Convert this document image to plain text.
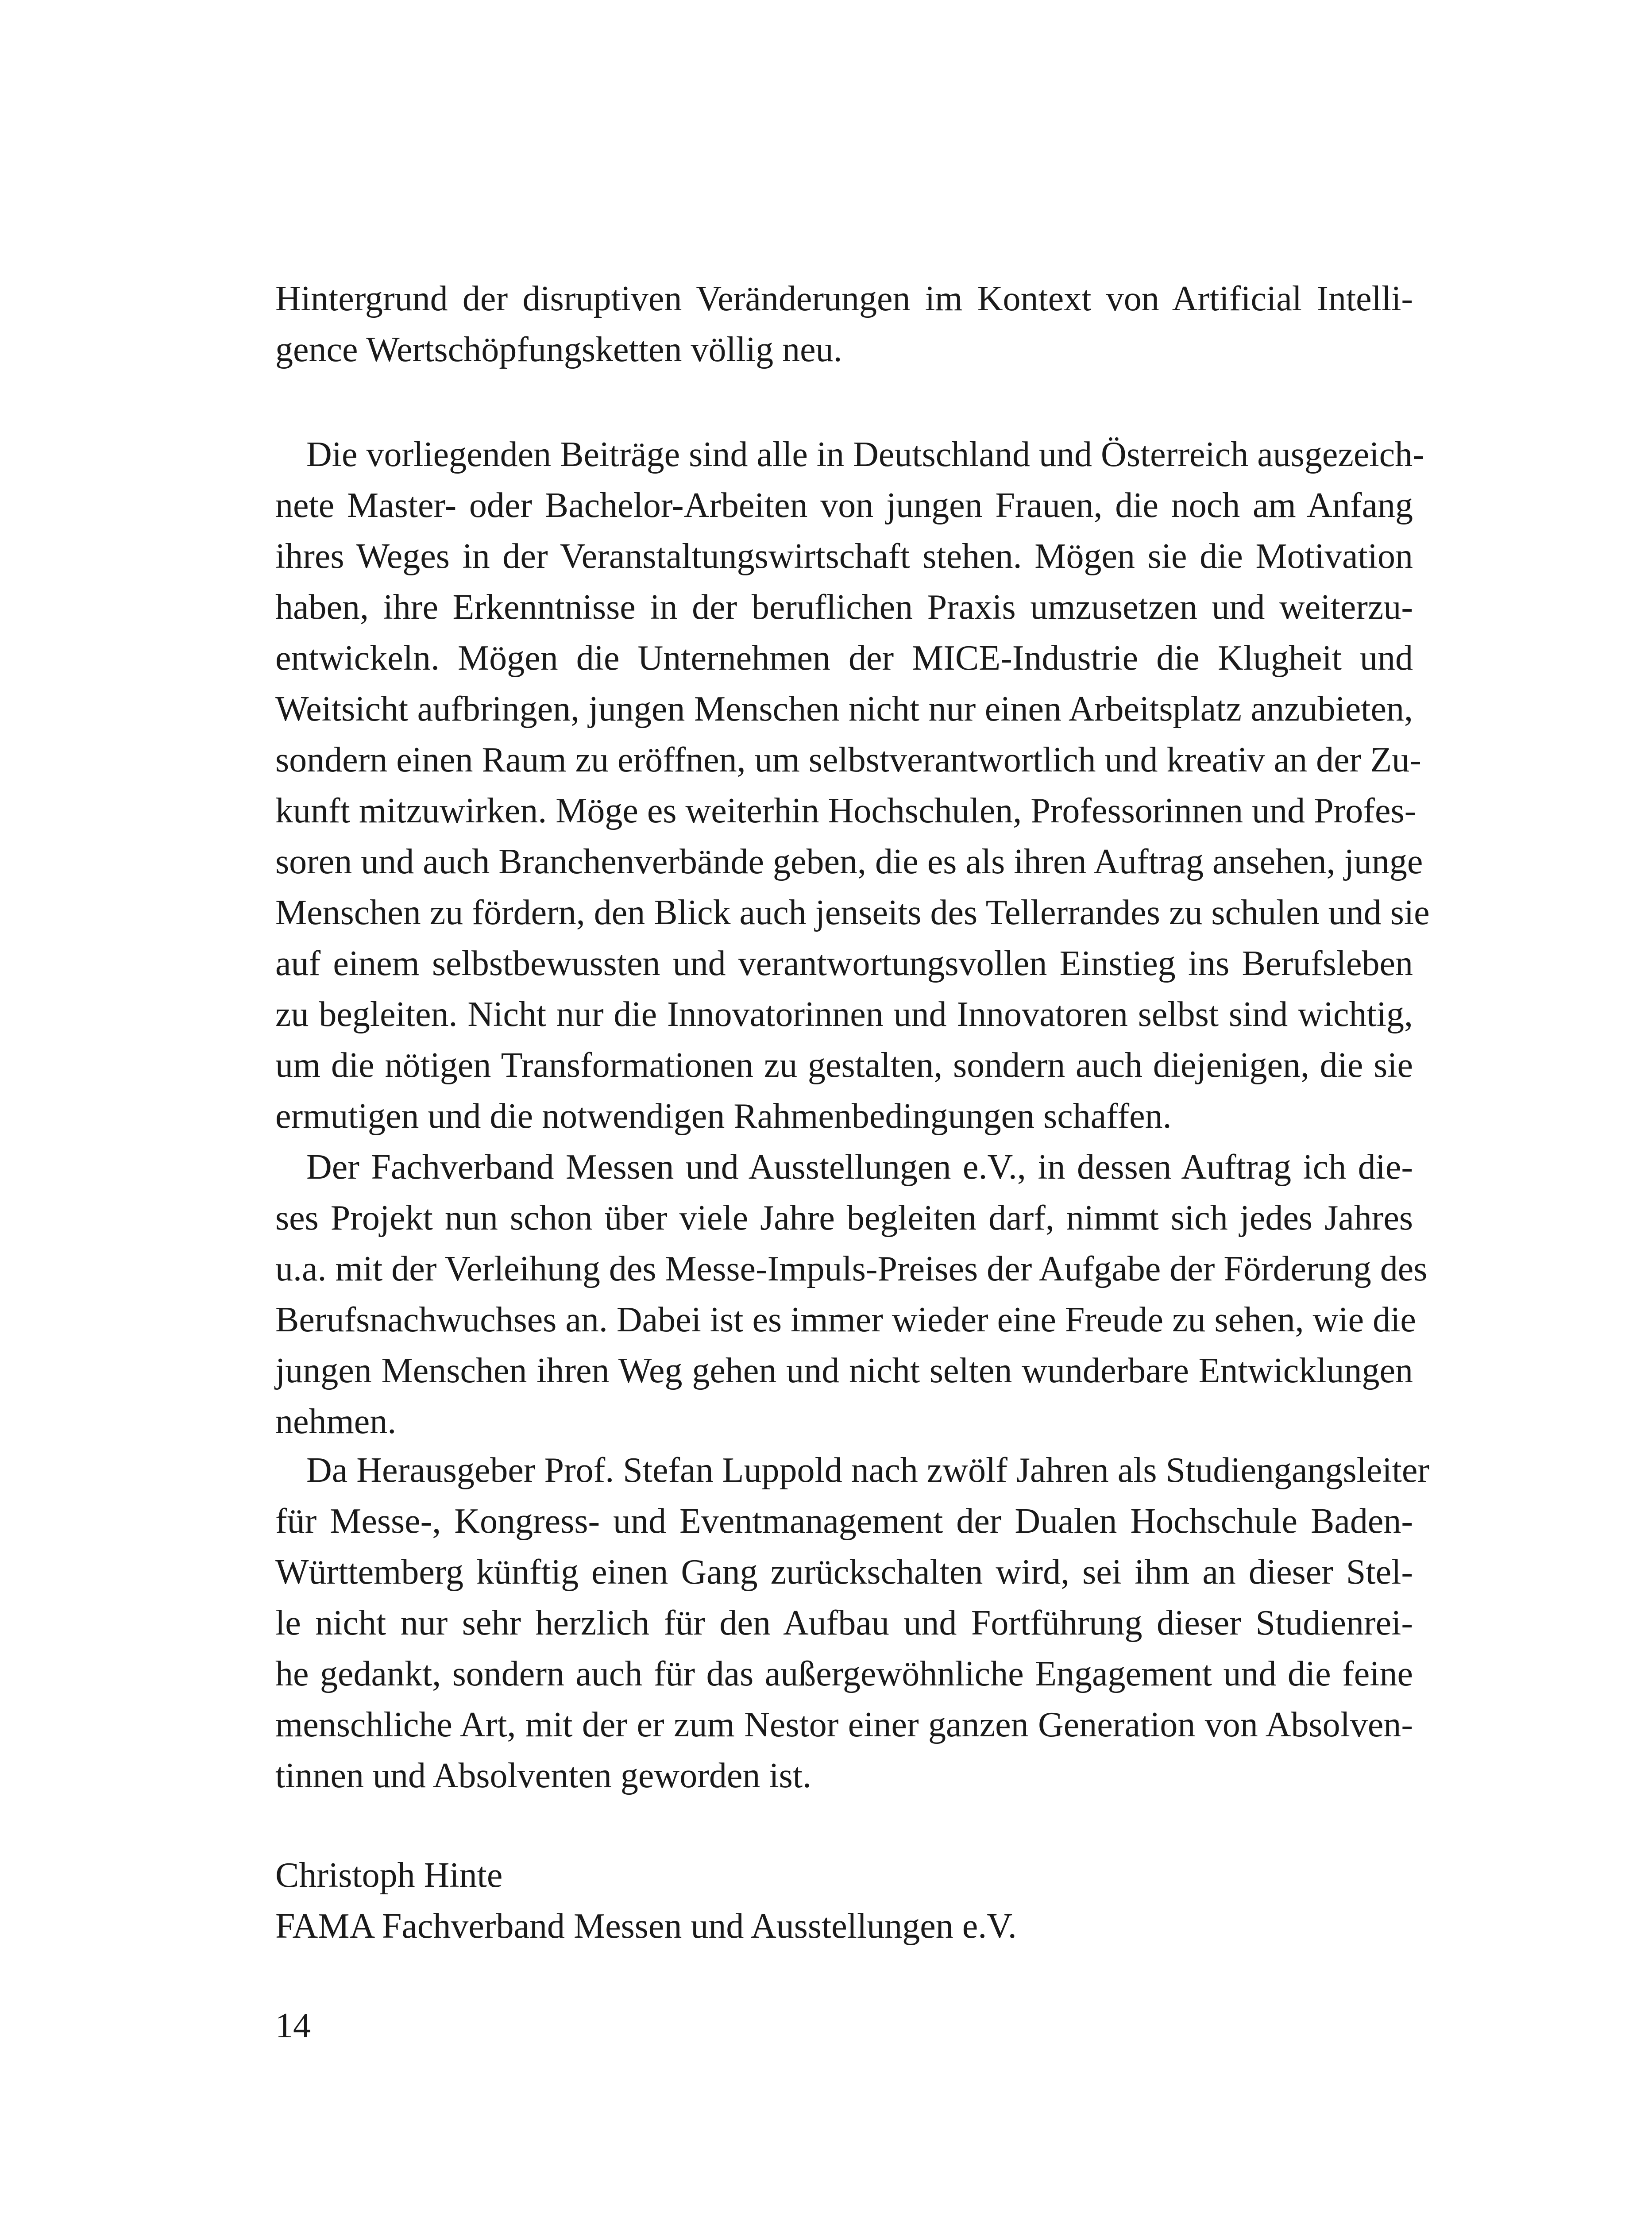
Hintergrund der disruptiven Veränderungen im Kontext von Artificial Intelli-
gence Wertschöpfungsketten völlig neu.
Die vorliegenden Beiträge sind alle in Deutschland und Österreich ausgezeich-
nete Master- oder Bachelor-Arbeiten von jungen Frauen, die noch am Anfang
ihres Weges in der Veranstaltungswirtschaft stehen. Mögen sie die Motivation
haben, ihre Erkenntnisse in der beruflichen Praxis umzusetzen und weiterzu-
entwickeln. Mögen die Unternehmen der MICE-Industrie die Klugheit und
Weitsicht aufbringen, jungen Menschen nicht nur einen Arbeitsplatz anzubieten,
sondern einen Raum zu eröffnen, um selbstverantwortlich und kreativ an der Zu-
kunft mitzuwirken. Möge es weiterhin Hochschulen, Professorinnen und Profes-
soren und auch Branchenverbände geben, die es als ihren Auftrag ansehen, junge
Menschen zu fördern, den Blick auch jenseits des Tellerrandes zu schulen und sie
auf einem selbstbewussten und verantwortungsvollen Einstieg ins Berufsleben
zu begleiten. Nicht nur die Innovatorinnen und Innovatoren selbst sind wichtig,
um die nötigen Transformationen zu gestalten, sondern auch diejenigen, die sie
ermutigen und die notwendigen Rahmenbedingungen schaffen.
Der Fachverband Messen und Ausstellungen e.V., in dessen Auftrag ich die-
ses Projekt nun schon über viele Jahre begleiten darf, nimmt sich jedes Jahres
u.a. mit der Verleihung des Messe-Impuls-Preises der Aufgabe der Förderung des
Berufsnachwuchses an. Dabei ist es immer wieder eine Freude zu sehen, wie die
jungen Menschen ihren Weg gehen und nicht selten wunderbare Entwicklungen
nehmen.
Da Herausgeber Prof. Stefan Luppold nach zwölf Jahren als Studiengangsleiter
für Messe-, Kongress- und Eventmanagement der Dualen Hochschule Baden-
Württemberg künftig einen Gang zurückschalten wird, sei ihm an dieser Stel-
le nicht nur sehr herzlich für den Aufbau und Fortführung dieser Studienrei-
he gedankt, sondern auch für das außergewöhnliche Engagement und die feine
menschliche Art, mit der er zum Nestor einer ganzen Generation von Absolven-
tinnen und Absolventen geworden ist.
Christoph Hinte
FAMA Fachverband Messen und Ausstellungen e.V.
14
